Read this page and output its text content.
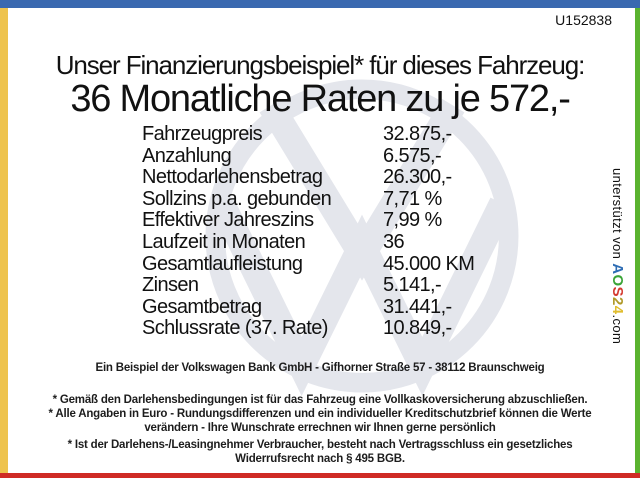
U152838
Unser Finanzierungsbeispiel* für dieses Fahrzeug:
36 Monatliche Raten zu je 572,-
Fahrzeugpreis	32.875,-
Anzahlung	6.575,-
Nettodarlehensbetrag	26.300,-
Sollzins p.a. gebunden	7,71 %
Effektiver Jahreszins	7,99 %
Laufzeit in Monaten	36
Gesamtlaufleistung	45.000 KM
Zinsen	5.141,-
Gesamtbetrag	31.441,-
Schlussrate (37. Rate)	10.849,-
Ein Beispiel der Volkswagen Bank GmbH - Gifhorner Straße 57 - 38112 Braunschweig
* Gemäß den Darlehensbedingungen ist für das Fahrzeug eine Vollkaskoversicherung abzuschließen.
* Alle Angaben in Euro - Rundungsdifferenzen und ein individueller Kreditschutzbrief können die Werte
verändern - Ihre Wunschrate errechnen wir Ihnen gerne persönlich
* Ist der Darlehens-/Leasingnehmer Verbraucher, besteht nach Vertragsschluss ein gesetzliches
Widerrufsrecht nach § 495 BGB.
unterstützt von AOS24.com
